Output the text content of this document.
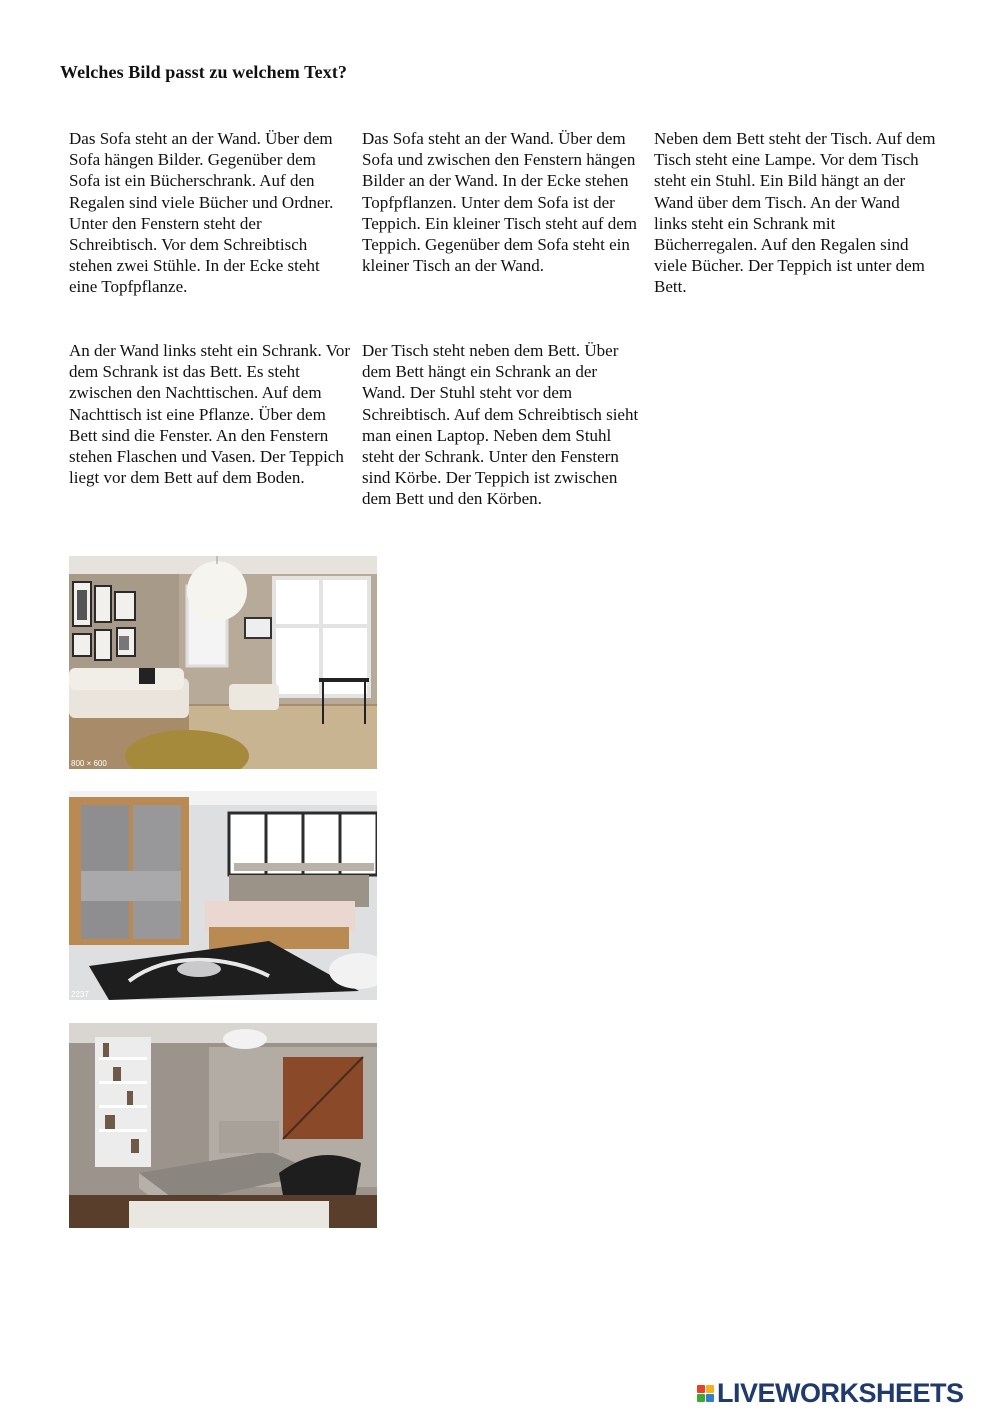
Welches Bild passt zu welchem Text?
Das Sofa steht an der Wand. Über dem Sofa hängen Bilder. Gegenüber dem Sofa ist ein Bücherschrank. Auf den Regalen sind viele Bücher und Ordner. Unter den Fenstern steht der Schreibtisch. Vor dem Schreibtisch stehen zwei Stühle. In der Ecke steht eine Topfpflanze.
Das Sofa steht an der Wand. Über dem Sofa und zwischen den Fenstern hängen Bilder an der Wand. In der Ecke stehen Topfpflanzen. Unter dem Sofa ist der Teppich. Ein kleiner Tisch steht auf dem Teppich. Gegenüber dem Sofa steht ein kleiner Tisch an der Wand.
Neben dem Bett steht der Tisch. Auf dem Tisch steht eine Lampe. Vor dem Tisch steht ein Stuhl. Ein Bild hängt an der Wand über dem Tisch. An der Wand links steht ein Schrank mit Bücherregalen. Auf den Regalen sind viele Bücher. Der Teppich ist unter dem Bett.
An der Wand links steht ein Schrank. Vor dem Schrank ist das Bett. Es steht zwischen den Nachttischen. Auf dem Nachttisch ist eine Pflanze. Über dem Bett sind die Fenster. An den Fenstern stehen Flaschen und Vasen. Der Teppich liegt vor dem Bett auf dem Boden.
Der Tisch steht neben dem Bett. Über dem Bett hängt ein Schrank an der Wand. Der Stuhl steht vor dem Schreibtisch. Auf dem Schreibtisch sieht man einen Laptop. Neben dem Stuhl steht der Schrank. Unter den Fenstern sind Körbe. Der Teppich ist zwischen dem Bett und den Körben.
800 × 600
2237
LIVEWORKSHEETS
